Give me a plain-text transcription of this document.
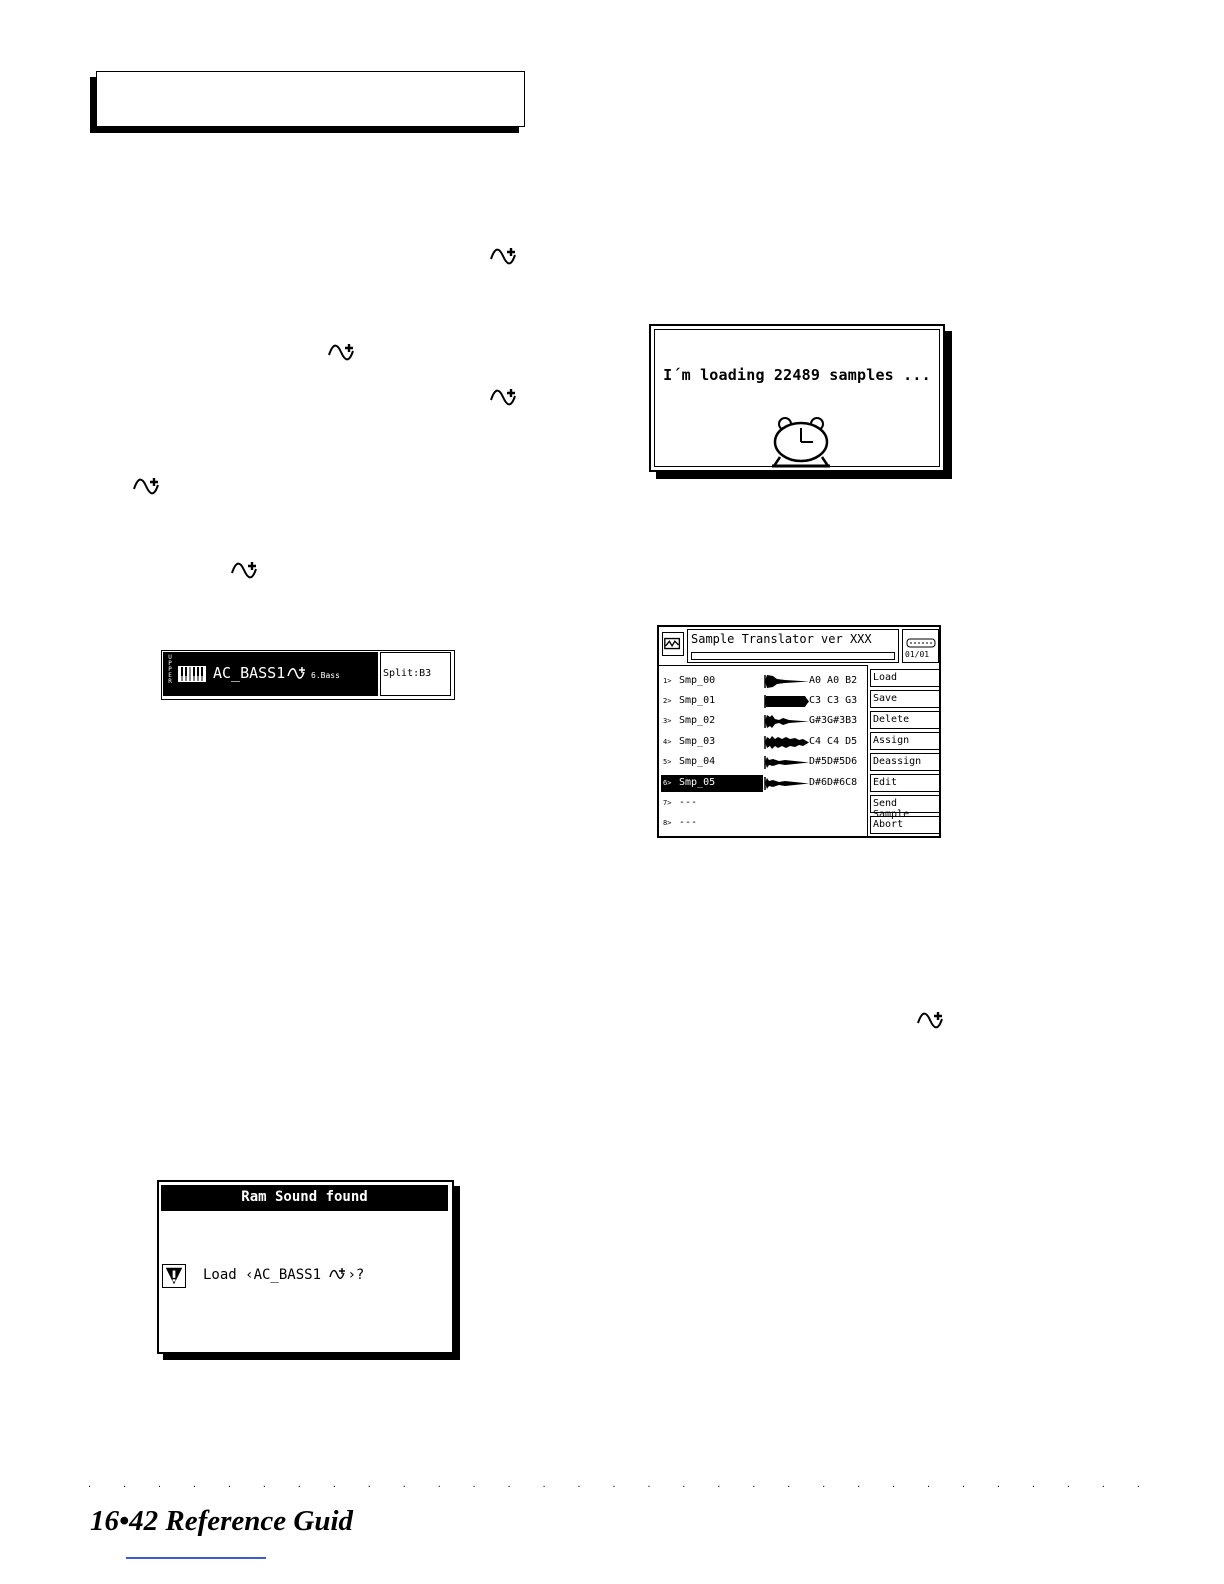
I´m loading 22489 samples ...
U
P
P
E
R	AC_BASS1	6.Bass	Split:B3
Sample Translator ver XXX
01/01
1> Smp_00	A0 A0 B2
2> Smp_01	C3 C3 G3
3> Smp_02	G#3G#3B3
4> Smp_03	C4 C4 D5
5> Smp_04	D#5D#5D6
6> Smp_05	D#6D#6C8
7> ---
8> ---
Load
Save
Delete
Assign
Deassign
Edit
Send Sample
Abort
Ram Sound found
Load ‹AC_BASS1 ›?
· · · · · · · · · · · · · · · · · · · · · · · · · · · · · · ·
16•42 Reference Guid
